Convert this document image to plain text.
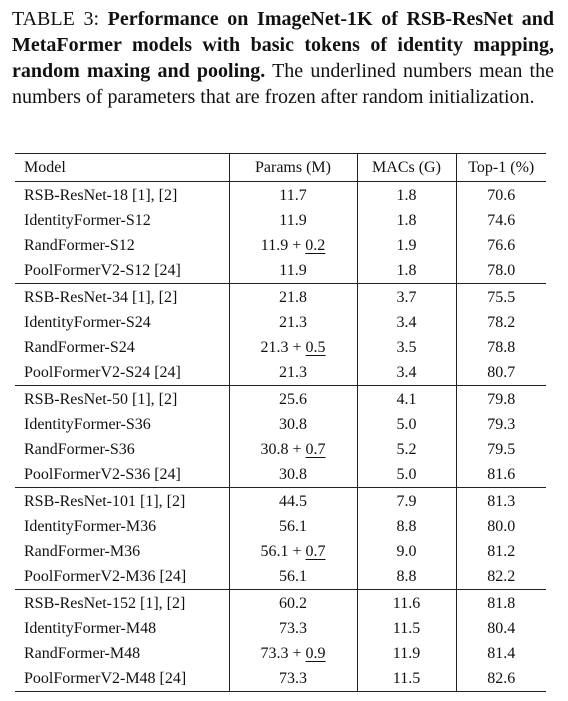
TABLE 3: Performance on ImageNet-1K of RSB-ResNet and MetaFormer models with basic tokens of identity mapping, random maxing and pooling. The underlined numbers mean the numbers of parameters that are frozen after random initialization.
Model	Params (M)	MACs (G)	Top-1 (%)
RSB-ResNet-18 [1], [2]	11.7	1.8	70.6
IdentityFormer-S12	11.9	1.8	74.6
RandFormer-S12	11.9 + 0.2	1.9	76.6
PoolFormerV2-S12 [24]	11.9	1.8	78.0
RSB-ResNet-34 [1], [2]	21.8	3.7	75.5
IdentityFormer-S24	21.3	3.4	78.2
RandFormer-S24	21.3 + 0.5	3.5	78.8
PoolFormerV2-S24 [24]	21.3	3.4	80.7
RSB-ResNet-50 [1], [2]	25.6	4.1	79.8
IdentityFormer-S36	30.8	5.0	79.3
RandFormer-S36	30.8 + 0.7	5.2	79.5
PoolFormerV2-S36 [24]	30.8	5.0	81.6
RSB-ResNet-101 [1], [2]	44.5	7.9	81.3
IdentityFormer-M36	56.1	8.8	80.0
RandFormer-M36	56.1 + 0.7	9.0	81.2
PoolFormerV2-M36 [24]	56.1	8.8	82.2
RSB-ResNet-152 [1], [2]	60.2	11.6	81.8
IdentityFormer-M48	73.3	11.5	80.4
RandFormer-M48	73.3 + 0.9	11.9	81.4
PoolFormerV2-M48 [24]	73.3	11.5	82.6
